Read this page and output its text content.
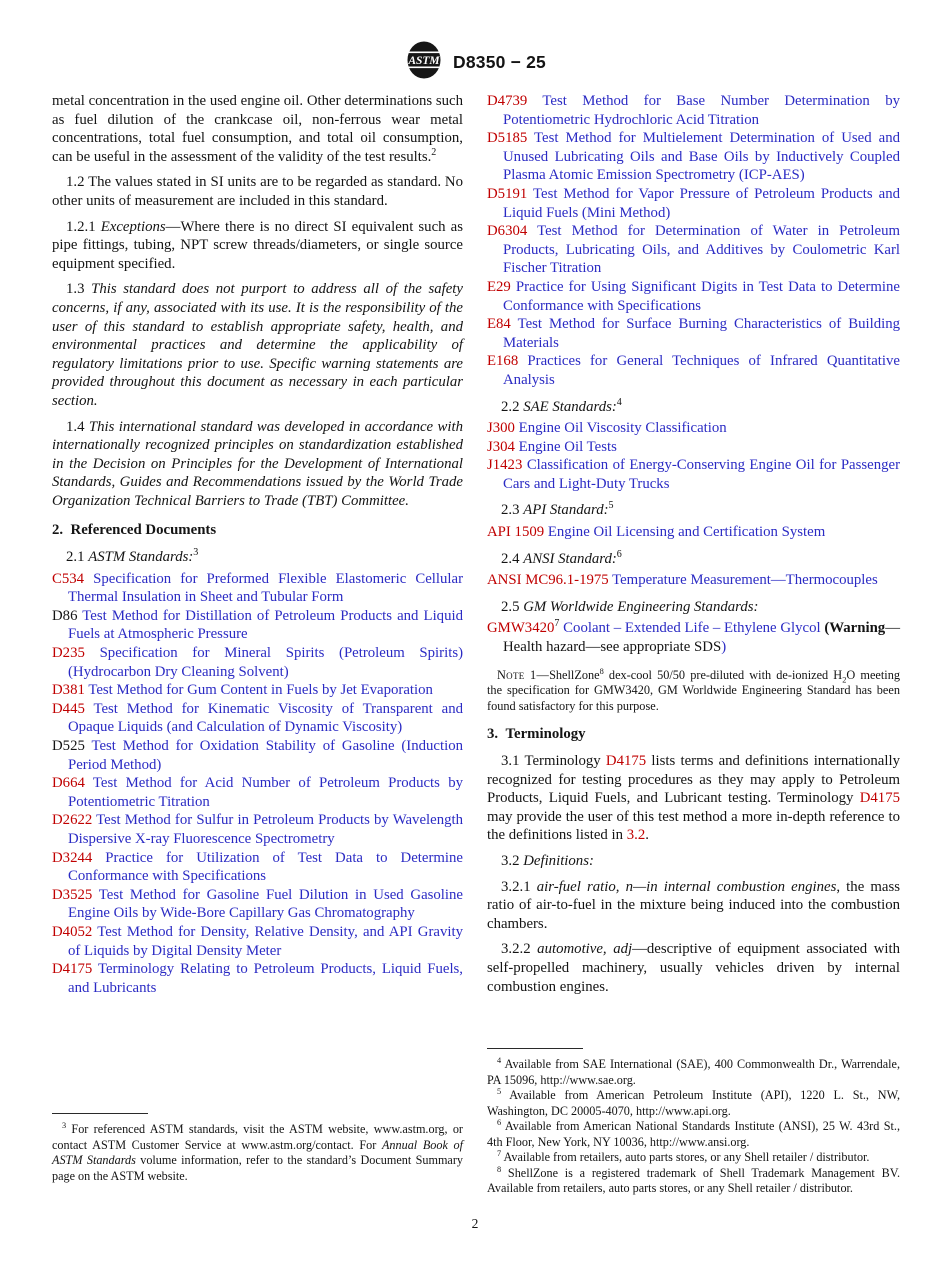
ASTM D8350 − 25

metal concentration in the used engine oil. Other determinations such as fuel dilution of the crankcase oil, non-ferrous wear metal concentrations, total fuel consumption, and total oil consumption, can be useful in the assessment of the validity of the test results.$^2$

1.2 The values stated in SI units are to be regarded as standard. No other units of measurement are included in this standard.

1.2.1 Exceptions—Where there is no direct SI equivalent such as pipe fittings, tubing, NPT screw threads/diameters, or single source equipment specified.

1.3 This standard does not purport to address all of the safety concerns, if any, associated with its use. It is the responsibility of the user of this standard to establish appropriate safety, health, and environmental practices and determine the applicability of regulatory limitations prior to use. Specific warning statements are provided throughout this document as necessary in each particular section.

1.4 This international standard was developed in accordance with internationally recognized principles on standardization established in the Decision on Principles for the Development of International Standards, Guides and Recommendations issued by the World Trade Organization Technical Barriers to Trade (TBT) Committee.

2. Referenced Documents

2.1 ASTM Standards:$^3$

C534 Specification for Preformed Flexible Elastomeric Cellular Thermal Insulation in Sheet and Tubular Form

D86 Test Method for Distillation of Petroleum Products and Liquid Fuels at Atmospheric Pressure

D235 Specification for Mineral Spirits (Petroleum Spirits) (Hydrocarbon Dry Cleaning Solvent)

D381 Test Method for Gum Content in Fuels by Jet Evaporation

D445 Test Method for Kinematic Viscosity of Transparent and Opaque Liquids (and Calculation of Dynamic Viscosity)

D525 Test Method for Oxidation Stability of Gasoline (Induction Period Method)

D664 Test Method for Acid Number of Petroleum Products by Potentiometric Titration

D2622 Test Method for Sulfur in Petroleum Products by Wavelength Dispersive X-ray Fluorescence Spectrometry

D3244 Practice for Utilization of Test Data to Determine Conformance with Specifications

D3525 Test Method for Gasoline Fuel Dilution in Used Gasoline Engine Oils by Wide-Bore Capillary Gas Chromatography

D4052 Test Method for Density, Relative Density, and API Gravity of Liquids by Digital Density Meter

D4175 Terminology Relating to Petroleum Products, Liquid Fuels, and Lubricants

D4739 Test Method for Base Number Determination by Potentiometric Hydrochloric Acid Titration

D5185 Test Method for Multielement Determination of Used and Unused Lubricating Oils and Base Oils by Inductively Coupled Plasma Atomic Emission Spectrometry (ICP-AES)

D5191 Test Method for Vapor Pressure of Petroleum Products and Liquid Fuels (Mini Method)

D6304 Test Method for Determination of Water in Petroleum Products, Lubricating Oils, and Additives by Coulometric Karl Fischer Titration

E29 Practice for Using Significant Digits in Test Data to Determine Conformance with Specifications

E84 Test Method for Surface Burning Characteristics of Building Materials

E168 Practices for General Techniques of Infrared Quantitative Analysis

2.2 SAE Standards:$^4$

J300 Engine Oil Viscosity Classification

J304 Engine Oil Tests

J1423 Classification of Energy-Conserving Engine Oil for Passenger Cars and Light-Duty Trucks

2.3 API Standard:$^5$

API 1509 Engine Oil Licensing and Certification System

2.4 ANSI Standard:$^6$

ANSI MC96.1-1975 Temperature Measurement—Thermocouples

2.5 GM Worldwide Engineering Standards:

GMW3420$^7$ Coolant – Extended Life – Ethylene Glycol (Warning—Health hazard—see appropriate SDS)

Note 1—ShellZone$^8$ dex-cool 50/50 pre-diluted with de-ionized $H_2O$ meeting the specification for GMW3420, GM Worldwide Engineering Standard has been found satisfactory for this purpose.

3. Terminology

3.1 Terminology D4175 lists terms and definitions internationally recognized for testing procedures as they may apply to Petroleum Products, Liquid Fuels, and Lubricant testing. Terminology D4175 may provide the user of this test method a more in-depth reference to the definitions listed in 3.2.

3.2 Definitions:

3.2.1 air-fuel ratio, n—in internal combustion engines, the mass ratio of air-to-fuel in the mixture being induced into the combustion chambers.

3.2.2 automotive, adj—descriptive of equipment associated with self-propelled machinery, usually vehicles driven by internal combustion engines.

$^3$ For referenced ASTM standards, visit the ASTM website, www.astm.org, or contact ASTM Customer Service at www.astm.org/contact. For Annual Book of ASTM Standards volume information, refer to the standard’s Document Summary page on the ASTM website.

$^4$ Available from SAE International (SAE), 400 Commonwealth Dr., Warrendale, PA 15096, http://www.sae.org.

$^5$ Available from American Petroleum Institute (API), 1220 L. St., NW, Washington, DC 20005-4070, http://www.api.org.

$^6$ Available from American National Standards Institute (ANSI), 25 W. 43rd St., 4th Floor, New York, NY 10036, http://www.ansi.org.

$^7$ Available from retailers, auto parts stores, or any Shell retailer / distributor.

$^8$ ShellZone is a registered trademark of Shell Trademark Management BV. Available from retailers, auto parts stores, or any Shell retailer / distributor.

2
